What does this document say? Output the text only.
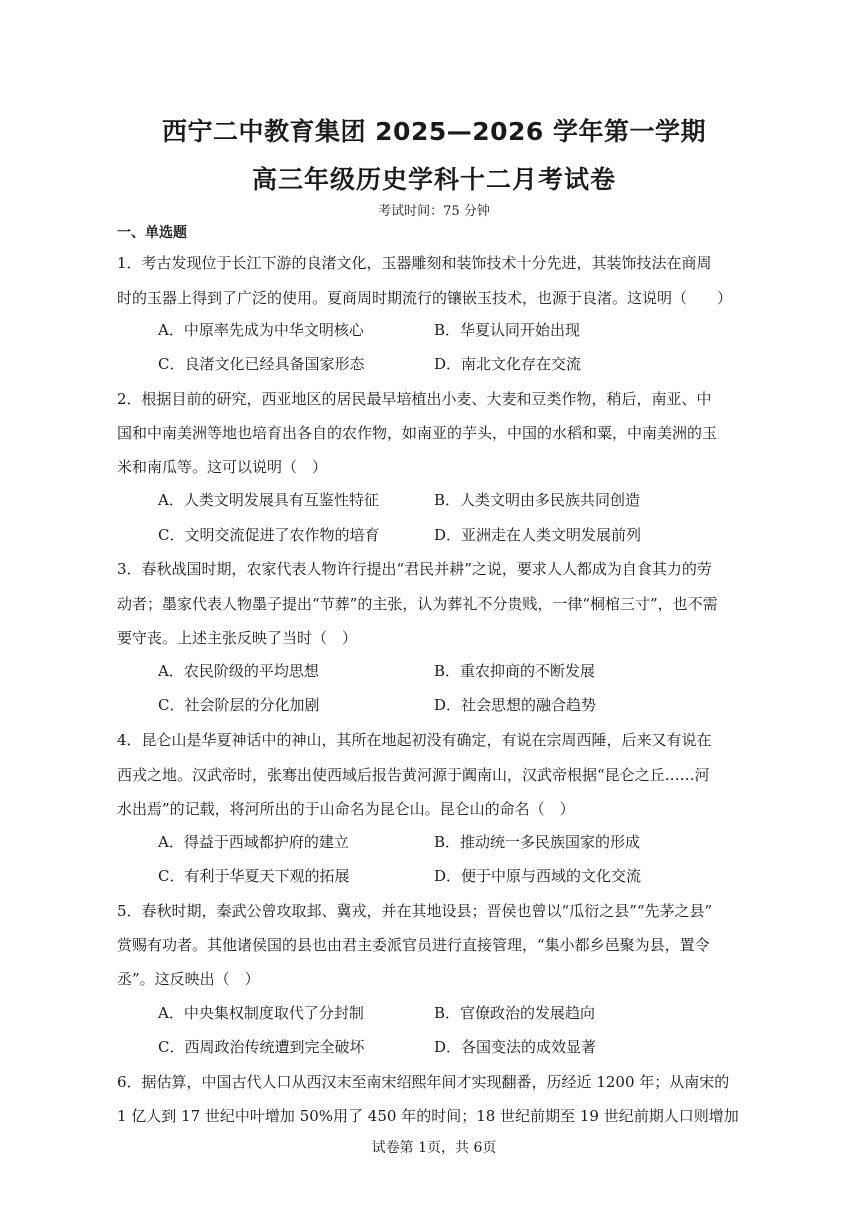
西宁二中教育集团 2025—2026 学年第一学期
高三年级历史学科十二月考试卷
考试时间：75 分钟
一、单选题
1．考古发现位于长江下游的良渚文化，玉器雕刻和装饰技术十分先进，其装饰技法在商周
时的玉器上得到了广泛的使用。夏商周时期流行的镶嵌玉技术，也源于良渚。这说明（　　）
A．中原率先成为中华文明核心	B．华夏认同开始出现
C．良渚文化已经具备国家形态	D．南北文化存在交流
2．根据目前的研究，西亚地区的居民最早培植出小麦、大麦和豆类作物，稍后，南亚、中
国和中南美洲等地也培育出各自的农作物，如南亚的芋头，中国的水稻和粟，中南美洲的玉
米和南瓜等。这可以说明（　）
A．人类文明发展具有互鉴性特征	B．人类文明由多民族共同创造
C．文明交流促进了农作物的培育	D．亚洲走在人类文明发展前列
3．春秋战国时期，农家代表人物许行提出“君民并耕”之说，要求人人都成为自食其力的劳
动者；墨家代表人物墨子提出“节葬”的主张，认为葬礼不分贵贱，一律“桐棺三寸”，也不需
要守丧。上述主张反映了当时（　）
A．农民阶级的平均思想	B．重农抑商的不断发展
C．社会阶层的分化加剧	D．社会思想的融合趋势
4．昆仑山是华夏神话中的神山，其所在地起初没有确定，有说在宗周西陲，后来又有说在
西戎之地。汉武帝时，张骞出使西域后报告黄河源于阗南山，汉武帝根据“昆仑之丘……河
水出焉”的记载，将河所出的于山命名为昆仑山。昆仑山的命名（　）
A．得益于西域都护府的建立	B．推动统一多民族国家的形成
C．有利于华夏天下观的拓展	D．便于中原与西域的文化交流
5．春秋时期，秦武公曾攻取邽、冀戎，并在其地设县；晋侯也曾以“瓜衍之县”“先茅之县”
赏赐有功者。其他诸侯国的县也由君主委派官员进行直接管理，“集小都乡邑聚为县，置令
丞”。这反映出（　）
A．中央集权制度取代了分封制	B．官僚政治的发展趋向
C．西周政治传统遭到完全破坏	D．各国变法的成效显著
6．据估算，中国古代人口从西汉末至南宋绍熙年间才实现翻番，历经近 1200 年；从南宋的
1 亿人到 17 世纪中叶增加 50%用了 450 年的时间；18 世纪前期至 19 世纪前期人口则增加
试卷第 1页，共 6页
